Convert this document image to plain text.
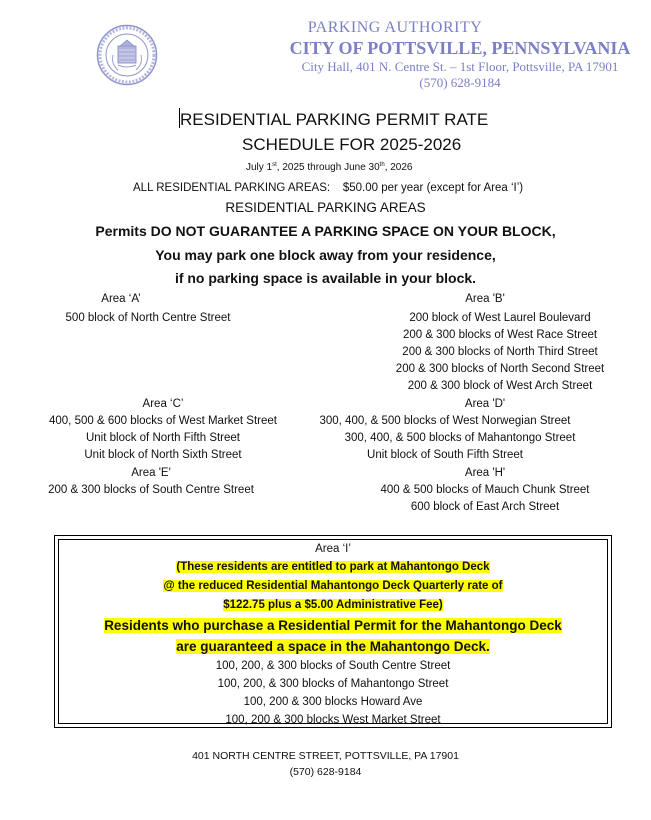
PARKING AUTHORITY
CITY OF POTTSVILLE, PENNSYLVANIA
City Hall, 401 N. Centre St. – 1st Floor, Pottsville, PA 17901
(570) 628-9184
RESIDENTIAL PARKING PERMIT RATE
SCHEDULE FOR 2025-2026
July 1st, 2025 through June 30th, 2026
ALL RESIDENTIAL PARKING AREAS:    $50.00 per year (except for Area ‘I’)
RESIDENTIAL PARKING AREAS
Permits DO NOT GUARANTEE A PARKING SPACE ON YOUR BLOCK,
You may park one block away from your residence,
if no parking space is available in your block.
Area ‘A’
500 block of North Centre Street
Area 'B'
200 block of West Laurel Boulevard
200 & 300 blocks of West Race Street
200 & 300 blocks of North Third Street
200 & 300 blocks of North Second Street
200 & 300 block of West Arch Street
Area ‘C’
400, 500 & 600 blocks of West Market Street
Unit block of North Fifth Street
Unit block of North Sixth Street
Area 'D'
300, 400, & 500 blocks of West Norwegian Street
300, 400, & 500 blocks of Mahantongo Street
Unit block of South Fifth Street
Area 'E'
200 & 300 blocks of South Centre Street
Area 'H'
400 & 500 blocks of Mauch Chunk Street
600 block of East Arch Street
Area ‘I’
(These residents are entitled to park at Mahantongo Deck
@ the reduced Residential Mahantongo Deck Quarterly rate of
$122.75 plus a $5.00 Administrative Fee)
Residents who purchase a Residential Permit for the Mahantongo Deck
are guaranteed a space in the Mahantongo Deck.
100, 200, & 300 blocks of South Centre Street
100, 200, & 300 blocks of Mahantongo Street
100, 200 & 300 blocks Howard Ave
100, 200 & 300 blocks West Market Street
401 NORTH CENTRE STREET, POTTSVILLE, PA 17901
(570) 628-9184
